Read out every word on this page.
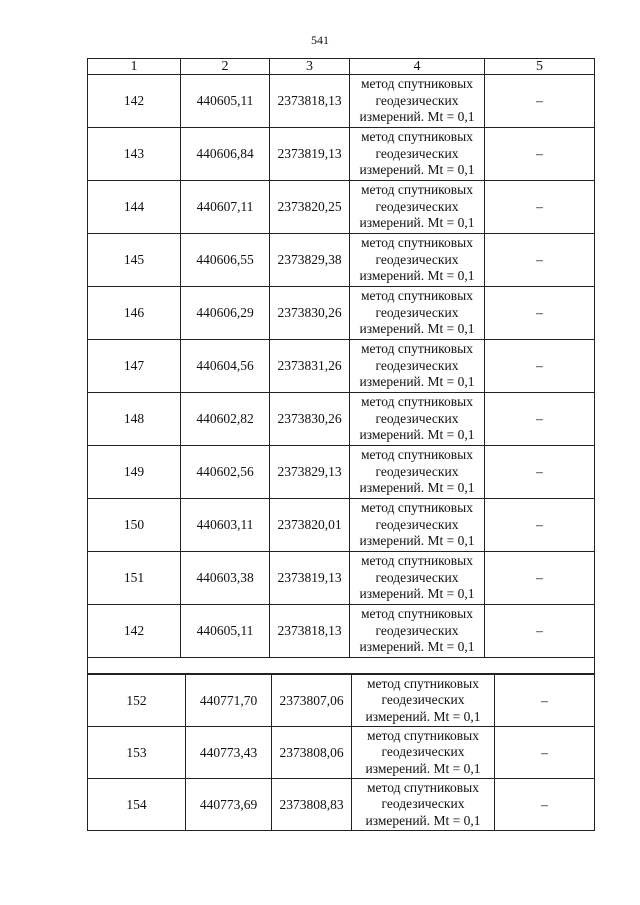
541
1	2	3	4	5
142	440605,11	2373818,13	метод спутниковых
геодезических
измерений. Mt = 0,1	–
143	440606,84	2373819,13	метод спутниковых
геодезических
измерений. Mt = 0,1	–
144	440607,11	2373820,25	метод спутниковых
геодезических
измерений. Mt = 0,1	–
145	440606,55	2373829,38	метод спутниковых
геодезических
измерений. Mt = 0,1	–
146	440606,29	2373830,26	метод спутниковых
геодезических
измерений. Mt = 0,1	–
147	440604,56	2373831,26	метод спутниковых
геодезических
измерений. Mt = 0,1	–
148	440602,82	2373830,26	метод спутниковых
геодезических
измерений. Mt = 0,1	–
149	440602,56	2373829,13	метод спутниковых
геодезических
измерений. Mt = 0,1	–
150	440603,11	2373820,01	метод спутниковых
геодезических
измерений. Mt = 0,1	–
151	440603,38	2373819,13	метод спутниковых
геодезических
измерений. Mt = 0,1	–
142	440605,11	2373818,13	метод спутниковых
геодезических
измерений. Mt = 0,1	–

152	440771,70	2373807,06	метод спутниковых
геодезических
измерений. Mt = 0,1	–
153	440773,43	2373808,06	метод спутниковых
геодезических
измерений. Mt = 0,1	–
154	440773,69	2373808,83	метод спутниковых
геодезических
измерений. Mt = 0,1	–
